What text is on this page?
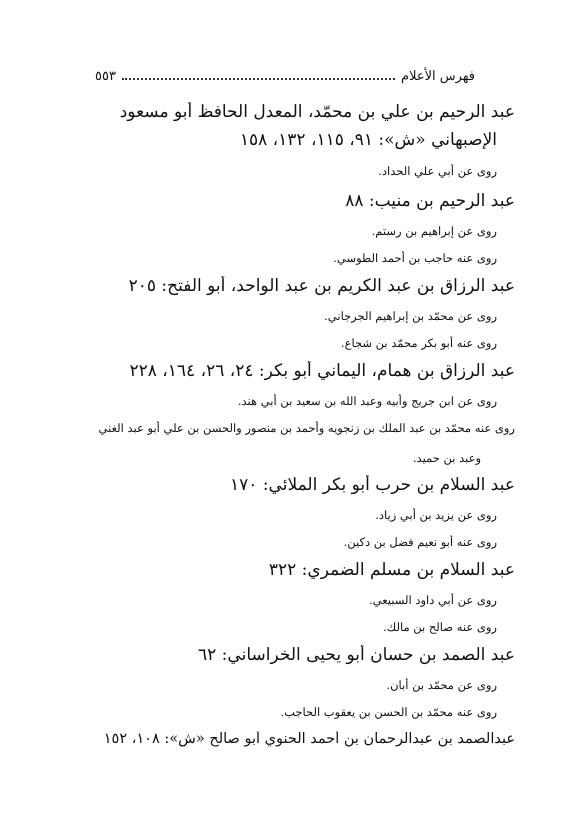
فهرس الأعلام
٥٥٣
عبد الرحيم بن علي بن محمّد، المعدل الحافظ أبو مسعود
الإصبهاني «ش»: ٩١، ١١٥، ١٣٢، ١٥٨
روى عن أبي علي الحداد.
عبد الرحيم بن منيب: ٨٨
روى عن إبراهيم بن رستم.
روى عنه حاجب بن أحمد الطوسي.
عبد الرزاق بن عبد الكريم بن عبد الواحد، أبو الفتح: ٢٠٥
روى عن محمّد بن إبراهيم الجرجاني.
روى عنه أبو بكر محمّد بن شجاع.
عبد الرزاق بن همام، اليماني أبو بكر: ٢٤، ٢٦، ١٦٤، ٢٢٨
روى عن ابن جريج وأبيه وعبد الله بن سعيد بن أبي هند.
روى عنه محمّد بن عبد الملك بن زنجويه وأحمد بن منصور والحسن بن علي أبو عبد الغني
وعبد بن حميد.
عبد السلام بن حرب أبو بكر الملائي: ١٧٠
روى عن يزيد بن أبي زياد.
روى عنه أبو نعيم فضل بن دكين.
عبد السلام بن مسلم الضمري: ٣٢٢
روى عن أبي داود السبيعي.
روى عنه صالح بن مالك.
عبد الصمد بن حسان أبو يحيى الخراساني: ٦٢
روى عن محمّد بن أبان.
روى عنه محمّد بن الحسن بن يعقوب الحاجب.
عبدالصمد بن عبدالرحمان بن أحمد الحنوي أبو صالح «ش»: ١٠٨، ١٥٢
